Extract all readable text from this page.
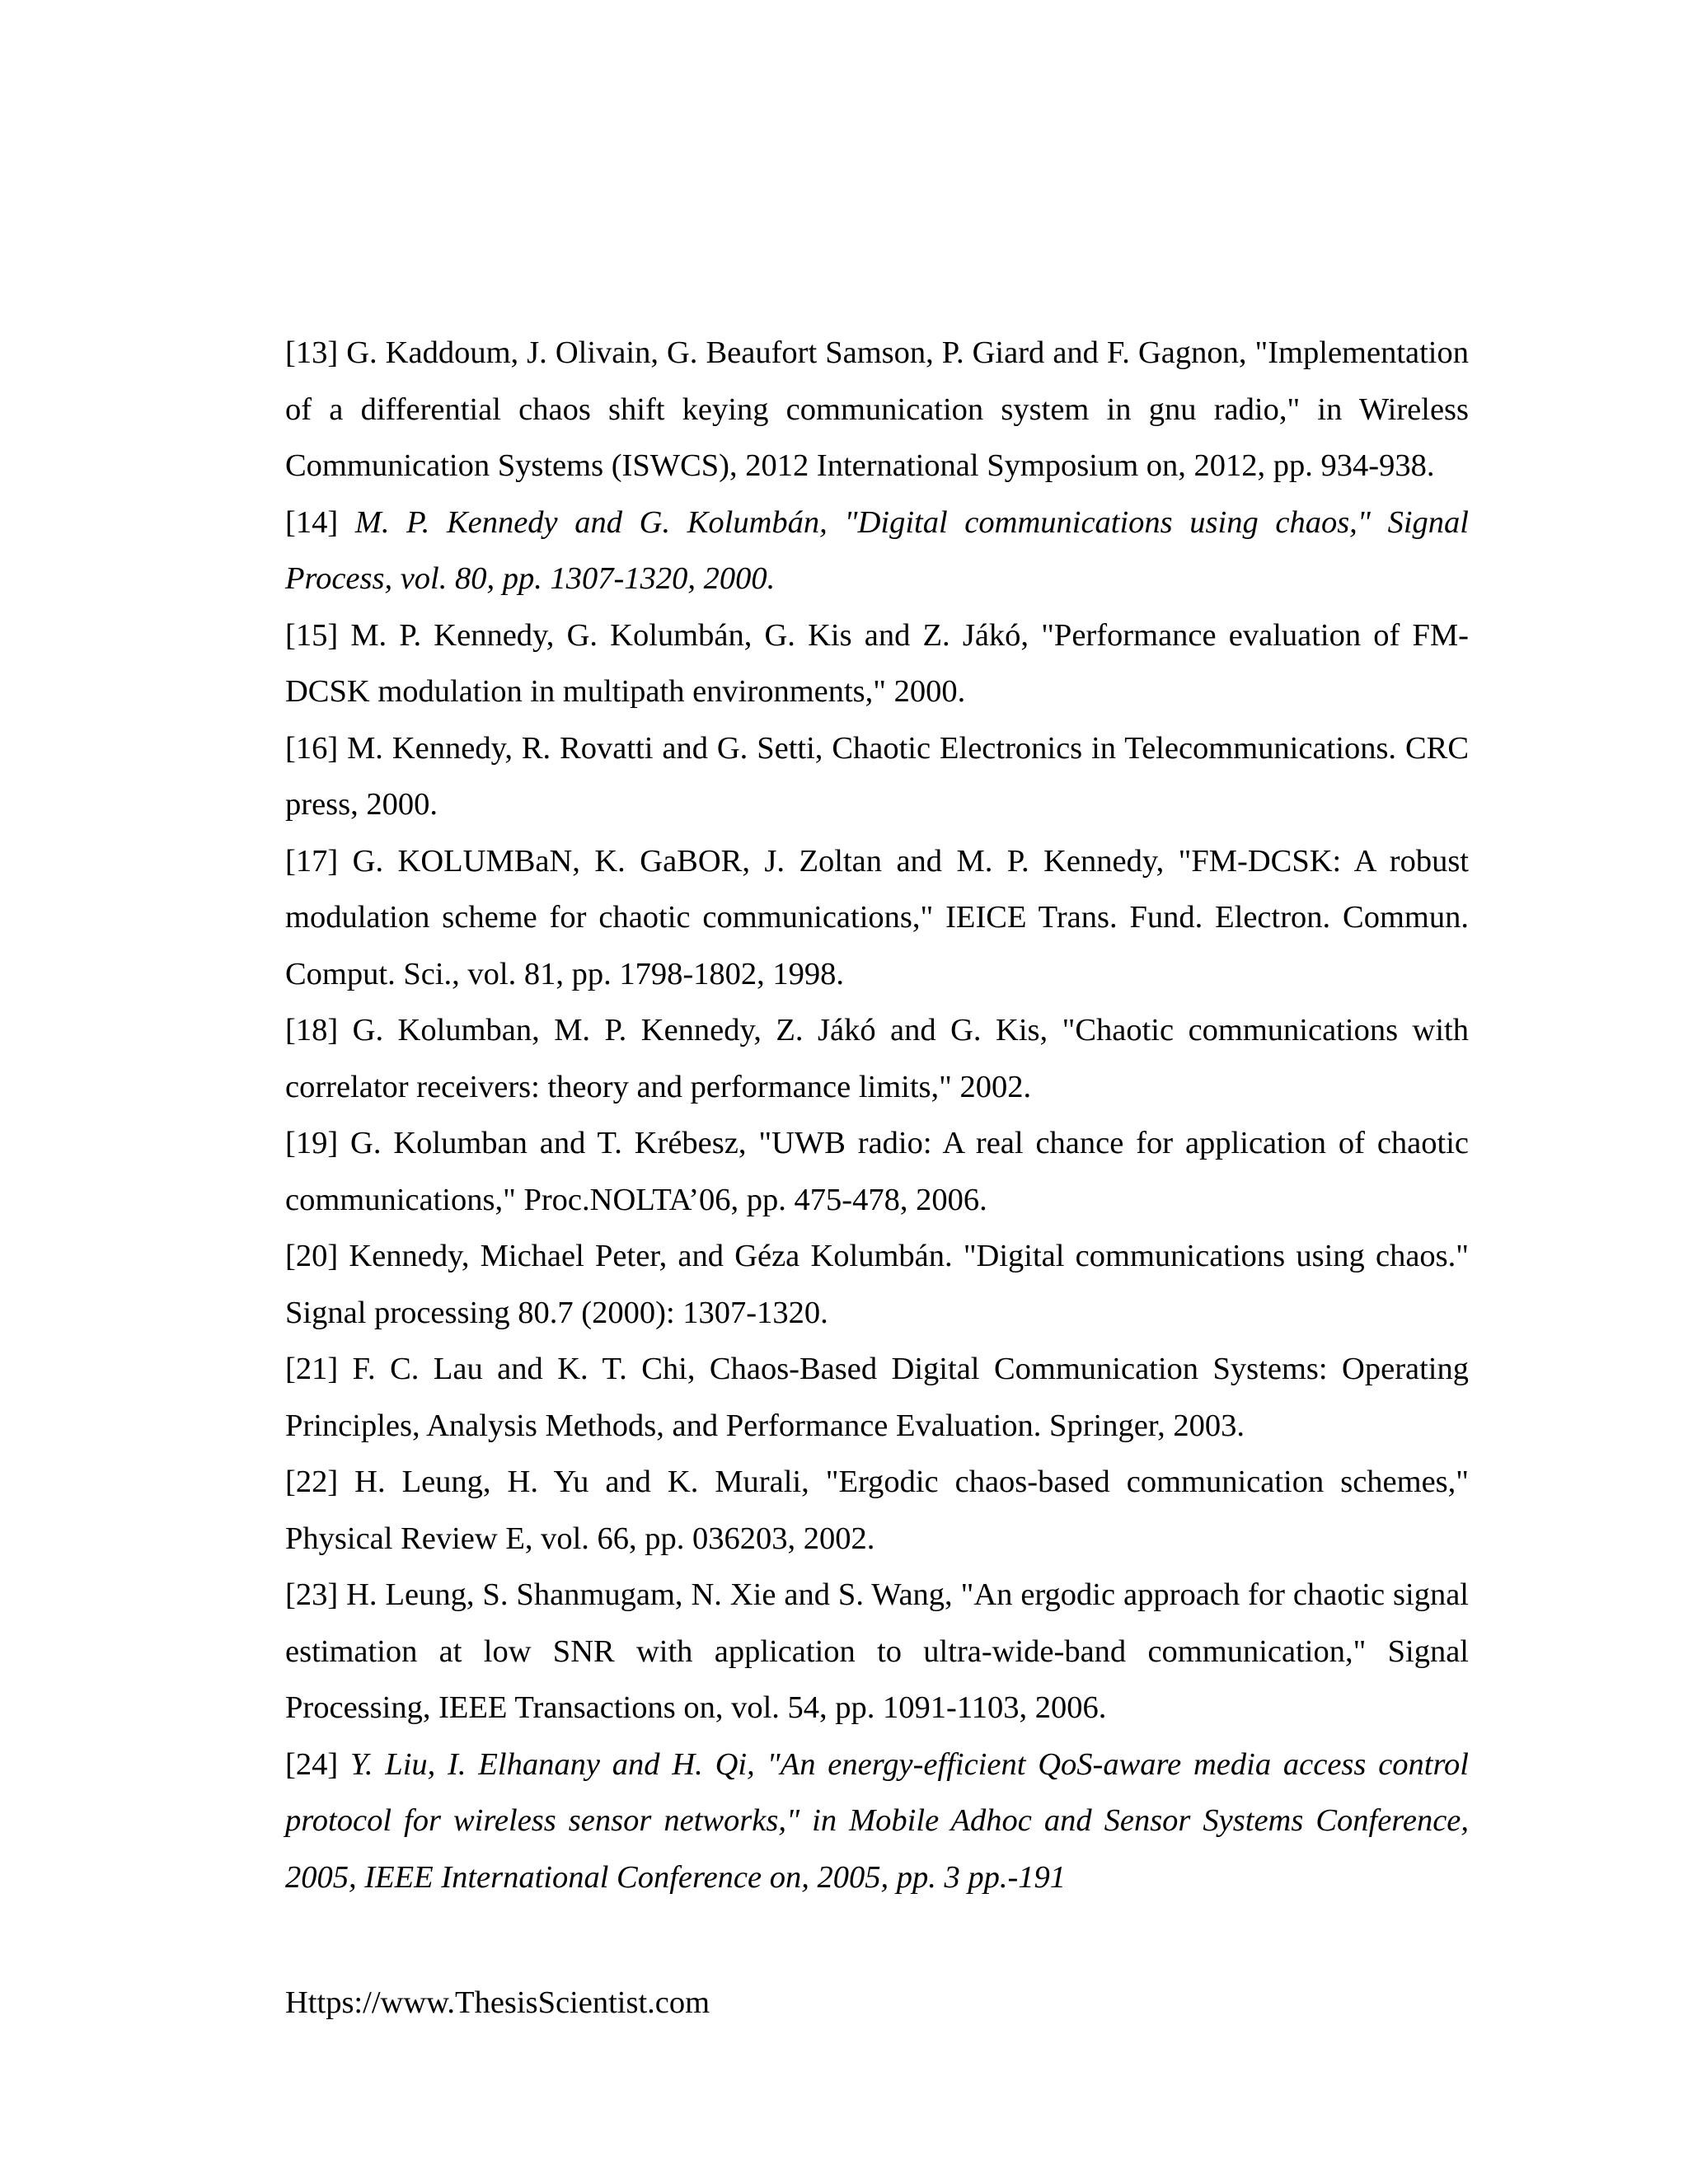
[13] G. Kaddoum, J. Olivain, G. Beaufort Samson, P. Giard and F. Gagnon, "Implementation of a differential chaos shift keying communication system in gnu radio," in Wireless Communication Systems (ISWCS), 2012 International Symposium on, 2012, pp. 934-938.
[14] M. P. Kennedy and G. Kolumbán, "Digital communications using chaos," Signal Process, vol. 80, pp. 1307-1320, 2000.
[15] M. P. Kennedy, G. Kolumbán, G. Kis and Z. Jákó, "Performance evaluation of FM-DCSK modulation in multipath environments," 2000.
[16] M. Kennedy, R. Rovatti and G. Setti, Chaotic Electronics in Telecommunications. CRC press, 2000.
[17] G. KOLUMBaN, K. GaBOR, J. Zoltan and M. P. Kennedy, "FM-DCSK: A robust modulation scheme for chaotic communications," IEICE Trans. Fund. Electron. Commun. Comput. Sci., vol. 81, pp. 1798-1802, 1998.
[18] G. Kolumban, M. P. Kennedy, Z. Jákó and G. Kis, "Chaotic communications with correlator receivers: theory and performance limits," 2002.
[19] G. Kolumban and T. Krébesz, "UWB radio: A real chance for application of chaotic communications," Proc.NOLTA’06, pp. 475-478, 2006.
[20] Kennedy, Michael Peter, and Géza Kolumbán. "Digital communications using chaos." Signal processing 80.7 (2000): 1307-1320.
[21] F. C. Lau and K. T. Chi, Chaos-Based Digital Communication Systems: Operating Principles, Analysis Methods, and Performance Evaluation. Springer, 2003.
[22] H. Leung, H. Yu and K. Murali, "Ergodic chaos-based communication schemes," Physical Review E, vol. 66, pp. 036203, 2002.
[23] H. Leung, S. Shanmugam, N. Xie and S. Wang, "An ergodic approach for chaotic signal estimation at low SNR with application to ultra-wide-band communication," Signal Processing, IEEE Transactions on, vol. 54, pp. 1091-1103, 2006.
[24] Y. Liu, I. Elhanany and H. Qi, "An energy-efficient QoS-aware media access control protocol for wireless sensor networks," in Mobile Adhoc and Sensor Systems Conference, 2005, IEEE International Conference on, 2005, pp. 3 pp.-191

Https://www.ThesisScientist.com
